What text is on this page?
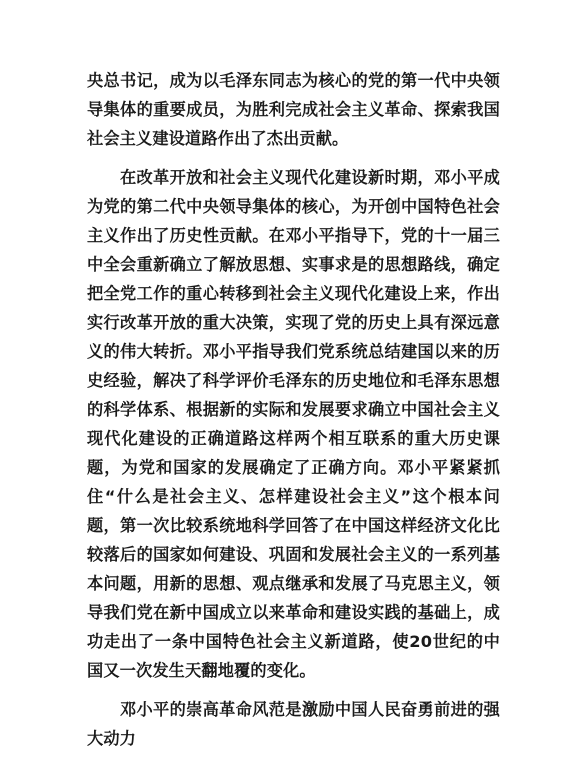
央总书记，成为以毛泽东同志为核心的党的第一代中央领导集体的重要成员，为胜利完成社会主义革命、探索我国社会主义建设道路作出了杰出贡献。

在改革开放和社会主义现代化建设新时期，邓小平成为党的第二代中央领导集体的核心，为开创中国特色社会主义作出了历史性贡献。在邓小平指导下，党的十一届三中全会重新确立了解放思想、实事求是的思想路线，确定把全党工作的重心转移到社会主义现代化建设上来，作出实行改革开放的重大决策，实现了党的历史上具有深远意义的伟大转折。邓小平指导我们党系统总结建国以来的历史经验，解决了科学评价毛泽东的历史地位和毛泽东思想的科学体系、根据新的实际和发展要求确立中国社会主义现代化建设的正确道路这样两个相互联系的重大历史课题，为党和国家的发展确定了正确方向。邓小平紧紧抓住“什么是社会主义、怎样建设社会主义”这个根本问题，第一次比较系统地科学回答了在中国这样经济文化比较落后的国家如何建设、巩固和发展社会主义的一系列基本问题，用新的思想、观点继承和发展了马克思主义，领导我们党在新中国成立以来革命和建设实践的基础上，成功走出了一条中国特色社会主义新道路，使20世纪的中国又一次发生天翻地覆的变化。

邓小平的崇高革命风范是激励中国人民奋勇前进的强大动力
